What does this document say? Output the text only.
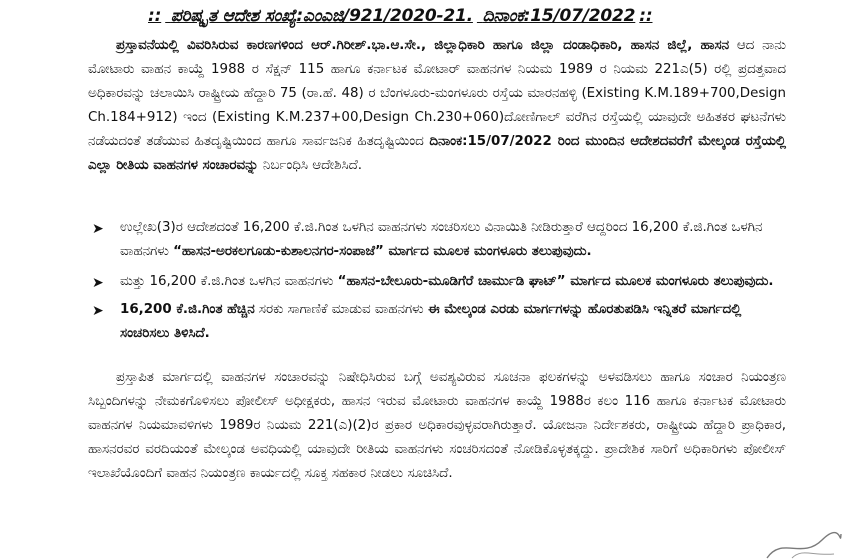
:: ಪರಿಷ್ಕೃತ ಆದೇಶ ಸಂಖ್ಯೆ:ಎಂಎಜಿ/921/2020-21. ದಿನಾಂಕ:15/07/2022 ::
ಪ್ರಸ್ತಾವನೆಯಲ್ಲಿ ವಿವರಿಸಿರುವ ಕಾರಣಗಳಿಂದ ಆರ್.ಗಿರೀಶ್.ಭಾ.ಆ.ಸೇ., ಜಿಲ್ಲಾಧಿಕಾರಿ ಹಾಗೂ ಜಿಲ್ಲಾ ದಂಡಾಧಿಕಾರಿ, ಹಾಸನ ಜಿಲ್ಲೆ, ಹಾಸನ ಆದ ನಾನು ಮೋಟಾರು ವಾಹನ ಕಾಯ್ದೆ 1988 ರ ಸೆಕ್ಷನ್ 115 ಹಾಗೂ ಕರ್ನಾಟಕ ಮೋಟಾರ್ ವಾಹನಗಳ ನಿಯಮ 1989 ರ ನಿಯಮ 221ಎ(5) ರಲ್ಲಿ ಪ್ರದತ್ತವಾದ ಅಧಿಕಾರವನ್ನು ಚಲಾಯಿಸಿ ರಾಷ್ಟ್ರೀಯ ಹೆದ್ದಾರಿ 75 (ರಾ.ಹೆ. 48) ರ ಬೆಂಗಳೂರು-ಮಂಗಳೂರು ರಸ್ತೆಯ ಮಾರನಹಳ್ಳಿ (Existing K.M.189+700,Design Ch.184+912) ಇಂದ (Existing K.M.237+00,Design Ch.230+060)ದೋಣಿಗಾಲ್ ವರೆಗಿನ ರಸ್ತೆಯಲ್ಲಿ ಯಾವುದೇ ಅಹಿತಕರ ಘಟನೆಗಳು ನಡೆಯದಂತೆ ತಡೆಯುವ ಹಿತದೃಷ್ಟಿಯಿಂದ ಹಾಗೂ ಸಾರ್ವಜನಿಕ ಹಿತದೃಷ್ಟಿಯಿಂದ ದಿನಾಂಕ:15/07/2022 ರಿಂದ ಮುಂದಿನ ಆದೇಶದವರೆಗೆ ಮೇಲ್ಕಂಡ ರಸ್ತೆಯಲ್ಲಿ ಎಲ್ಲಾ ರೀತಿಯ ವಾಹನಗಳ ಸಂಚಾರವನ್ನು ನಿರ್ಬಂಧಿಸಿ ಆದೇಶಿಸಿದೆ.
➤ ಉಲ್ಲೇಖ(3)ರ ಆದೇಶದಂತೆ 16,200 ಕೆ.ಜಿ.ಗಿಂತ ಒಳಗಿನ ವಾಹನಗಳು ಸಂಚರಿಸಲು ವಿನಾಯಿತಿ ನೀಡಿರುತ್ತಾರೆ ಆದ್ದರಿಂದ 16,200 ಕೆ.ಜಿ.ಗಿಂತ ಒಳಗಿನ ವಾಹನಗಳು “ಹಾಸನ-ಅರಕಲಗೂಡು-ಕುಶಾಲನಗರ-ಸಂಪಾಜೆ” ಮಾರ್ಗದ ಮೂಲಕ ಮಂಗಳೂರು ತಲುಪುವುದು.
➤ ಮತ್ತು 16,200 ಕೆ.ಜಿ.ಗಿಂತ ಒಳಗಿನ ವಾಹನಗಳು “ಹಾಸನ-ಬೇಲೂರು-ಮೂಡಿಗೆರೆ ಚಾರ್ಮುಡಿ ಘಾಟ್” ಮಾರ್ಗದ ಮೂಲಕ ಮಂಗಳೂರು ತಲುಪುವುದು.
➤ 16,200 ಕೆ.ಜಿ.ಗಿಂತ ಹೆಚ್ಚಿನ ಸರಕು ಸಾಗಾಣಿಕೆ ಮಾಡುವ ವಾಹನಗಳು ಈ ಮೇಲ್ಕಂಡ ಎರಡು ಮಾರ್ಗಗಳನ್ನು ಹೊರತುಪಡಿಸಿ ಇನ್ನಿತರೆ ಮಾರ್ಗದಲ್ಲಿ ಸಂಚರಿಸಲು ತಿಳಿಸಿದೆ.
ಪ್ರಸ್ತಾಪಿತ ಮಾರ್ಗದಲ್ಲಿ ವಾಹನಗಳ ಸಂಚಾರವನ್ನು ನಿಷೇಧಿಸಿರುವ ಬಗ್ಗೆ ಅವಶ್ಯವಿರುವ ಸೂಚನಾ ಫಲಕಗಳನ್ನು ಅಳವಡಿಸಲು ಹಾಗೂ ಸಂಚಾರ ನಿಯಂತ್ರಣ ಸಿಬ್ಬಂದಿಗಳನ್ನು ನೇಮಕಗೊಳಿಸಲು ಪೋಲೀಸ್ ಅಧೀಕ್ಷಕರು, ಹಾಸನ ಇರುವ ಮೋಟಾರು ವಾಹನಗಳ ಕಾಯ್ದೆ 1988ರ ಕಲಂ 116 ಹಾಗೂ ಕರ್ನಾಟಕ ಮೋಟಾರು ವಾಹನಗಳ ನಿಯಮಾವಳಿಗಳು 1989ರ ನಿಯಮ 221(ಎ)(2)ರ ಪ್ರಕಾರ ಅಧಿಕಾರವುಳ್ಳವರಾಗಿರುತ್ತಾರೆ. ಯೋಜನಾ ನಿರ್ದೇಶಕರು, ರಾಷ್ಟ್ರೀಯ ಹೆದ್ದಾರಿ ಪ್ರಾಧಿಕಾರ, ಹಾಸನರವರ ವರದಿಯಂತೆ ಮೇಲ್ಕಂಡ ಅವಧಿಯಲ್ಲಿ ಯಾವುದೇ ರೀತಿಯ ವಾಹನಗಳು ಸಂಚರಿಸದಂತೆ ನೋಡಿಕೊಳ್ಳತಕ್ಕದ್ದು. ಪ್ರಾದೇಶಿಕ ಸಾರಿಗೆ ಅಧಿಕಾರಿಗಳು ಪೋಲೀಸ್ ಇಲಾಖೆಯೊಂದಿಗೆ ವಾಹನ ನಿಯಂತ್ರಣ ಕಾರ್ಯದಲ್ಲಿ ಸೂಕ್ತ ಸಹಕಾರ ನೀಡಲು ಸೂಚಿಸಿದೆ.
